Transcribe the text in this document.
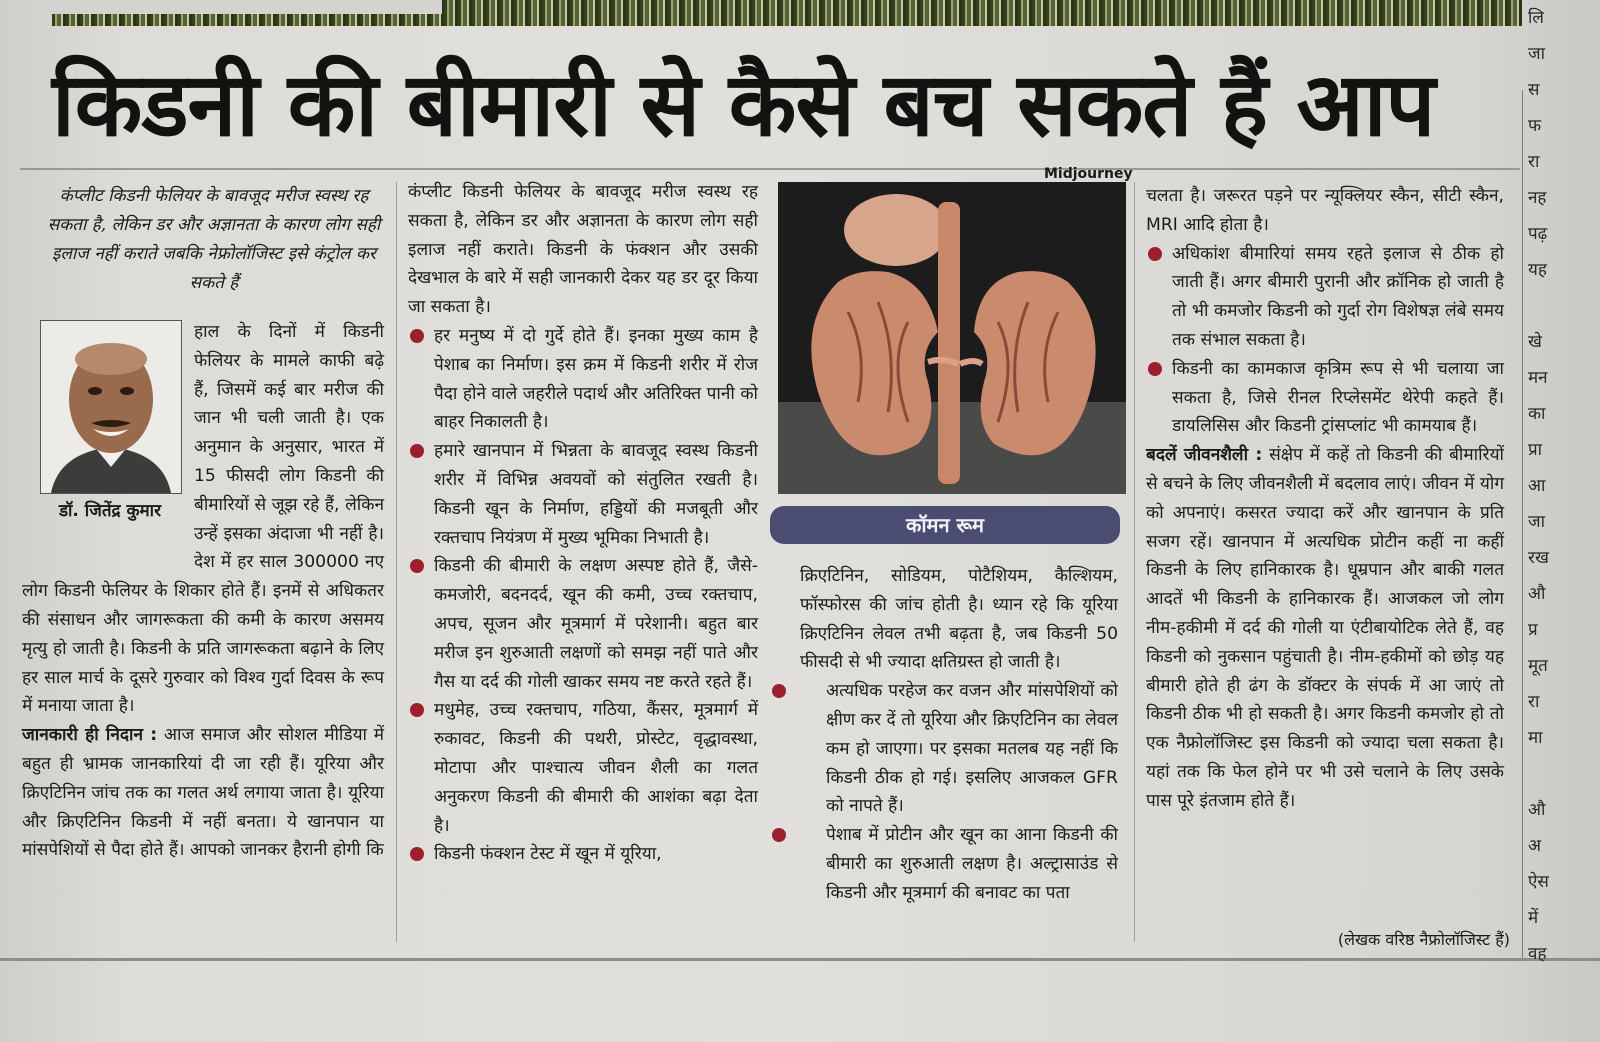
किडनी की बीमारी से कैसे बच सकते हैं आप
कंप्लीट किडनी फेलियर के बावजूद मरीज स्वस्थ रह सकता है, लेकिन डर और अज्ञानता के कारण लोग सही इलाज नहीं कराते जबकि नेफ्रोलॉजिस्ट इसे कंट्रोल कर सकते हैं
डॉ. जितेंद्र कुमार

हाल के दिनों में किडनी फेलियर के मामले काफी बढ़े हैं, जिसमें कई बार मरीज की जान भी चली जाती है। एक अनुमान के अनुसार, भारत में 15 फीसदी लोग किडनी की बीमारियों से जूझ रहे हैं, लेकिन उन्हें इसका अंदाजा भी नहीं है। देश में हर साल 300000 नए लोग किडनी फेलियर के शिकार होते हैं। इनमें से अधिकतर की संसाधन और जागरूकता की कमी के कारण असमय मृत्यु हो जाती है। किडनी के प्रति जागरूकता बढ़ाने के लिए हर साल मार्च के दूसरे गुरुवार को विश्व गुर्दा दिवस के रूप में मनाया जाता है।

जानकारी ही निदान : आज समाज और सोशल मीडिया में बहुत ही भ्रामक जानकारियां दी जा रही हैं। यूरिया और क्रिएटिनिन जांच तक का गलत अर्थ लगाया जाता है। यूरिया और क्रिएटिनिन किडनी में नहीं बनता। ये खानपान या मांसपेशियों से पैदा होते हैं। आपको जानकर हैरानी होगी कि

कंप्लीट किडनी फेलियर के बावजूद मरीज स्वस्थ रह सकता है, लेकिन डर और अज्ञानता के कारण लोग सही इलाज नहीं कराते। किडनी के फंक्शन और उसकी देखभाल के बारे में सही जानकारी देकर यह डर दूर किया जा सकता है।

हर मनुष्य में दो गुर्दे होते हैं। इनका मुख्य काम है पेशाब का निर्माण। इस क्रम में किडनी शरीर में रोज पैदा होने वाले जहरीले पदार्थ और अतिरिक्त पानी को बाहर निकालती है।
हमारे खानपान में भिन्नता के बावजूद स्वस्थ किडनी शरीर में विभिन्न अवयवों को संतुलित रखती है। किडनी खून के निर्माण, हड्डियों की मजबूती और रक्तचाप नियंत्रण में मुख्य भूमिका निभाती है।
किडनी की बीमारी के लक्षण अस्पष्ट होते हैं, जैसे- कमजोरी, बदनदर्द, खून की कमी, उच्च रक्तचाप, अपच, सूजन और मूत्रमार्ग में परेशानी। बहुत बार मरीज इन शुरुआती लक्षणों को समझ नहीं पाते और गैस या दर्द की गोली खाकर समय नष्ट करते रहते हैं।
मधुमेह, उच्च रक्तचाप, गठिया, कैंसर, मूत्रमार्ग में रुकावट, किडनी की पथरी, प्रोस्टेट, वृद्धावस्था, मोटापा और पाश्चात्य जीवन शैली का गलत अनुकरण किडनी की बीमारी की आशंका बढ़ा देता है।
किडनी फंक्शन टेस्ट में खून में यूरिया,
Midjourney
कॉमन रूम

क्रिएटिनिन, सोडियम, पोटैशियम, कैल्शियम, फॉस्फोरस की जांच होती है। ध्यान रहे कि यूरिया क्रिएटिनिन लेवल तभी बढ़ता है, जब किडनी 50 फीसदी से भी ज्यादा क्षतिग्रस्त हो जाती है।

अत्यधिक परहेज कर वजन और मांसपेशियों को क्षीण कर दें तो यूरिया और क्रिएटिनिन का लेवल कम हो जाएगा। पर इसका मतलब यह नहीं कि किडनी ठीक हो गई। इसलिए आजकल GFR को नापते हैं।
पेशाब में प्रोटीन और खून का आना किडनी की बीमारी का शुरुआती लक्षण है। अल्ट्रासाउंड से किडनी और मूत्रमार्ग की बनावट का पता

चलता है। जरूरत पड़ने पर न्यूक्लियर स्कैन, सीटी स्कैन, MRI आदि होता है।

अधिकांश बीमारियां समय रहते इलाज से ठीक हो जाती हैं। अगर बीमारी पुरानी और क्रॉनिक हो जाती है तो भी कमजोर किडनी को गुर्दा रोग विशेषज्ञ लंबे समय तक संभाल सकता है।
किडनी का कामकाज कृत्रिम रूप से भी चलाया जा सकता है, जिसे रीनल रिप्लेसमेंट थेरेपी कहते हैं। डायलिसिस और किडनी ट्रांसप्लांट भी कामयाब हैं।

बदलें जीवनशैली : संक्षेप में कहें तो किडनी की बीमारियों से बचने के लिए जीवनशैली में बदलाव लाएं। जीवन में योग को अपनाएं। कसरत ज्यादा करें और खानपान के प्रति सजग रहें। खानपान में अत्यधिक प्रोटीन कहीं ना कहीं किडनी के लिए हानिकारक है। धूम्रपान और बाकी गलत आदतें भी किडनी के हानिकारक हैं। आजकल जो लोग नीम-हकीमी में दर्द की गोली या एंटीबायोटिक लेते हैं, वह किडनी को नुकसान पहुंचाती है। नीम-हकीमों को छोड़ यह बीमारी होते ही ढंग के डॉक्टर के संपर्क में आ जाएं तो किडनी ठीक भी हो सकती है। अगर किडनी कमजोर हो तो एक नैफ्रोलॉजिस्ट इस किडनी को ज्यादा चला सकता है। यहां तक कि फेल होने पर भी उसे चलाने के लिए उसके पास पूरे इंतजाम होते हैं।

(लेखक वरिष्ठ नैफ्रोलॉजिस्ट हैं)
लि
जा
स
फ
रा
नह
पढ़
यह

खे
मन
का
प्रा
आ
जा
रख
औ
प्र
मूत
रा
मा

औ
अ
ऐस
में
वह
